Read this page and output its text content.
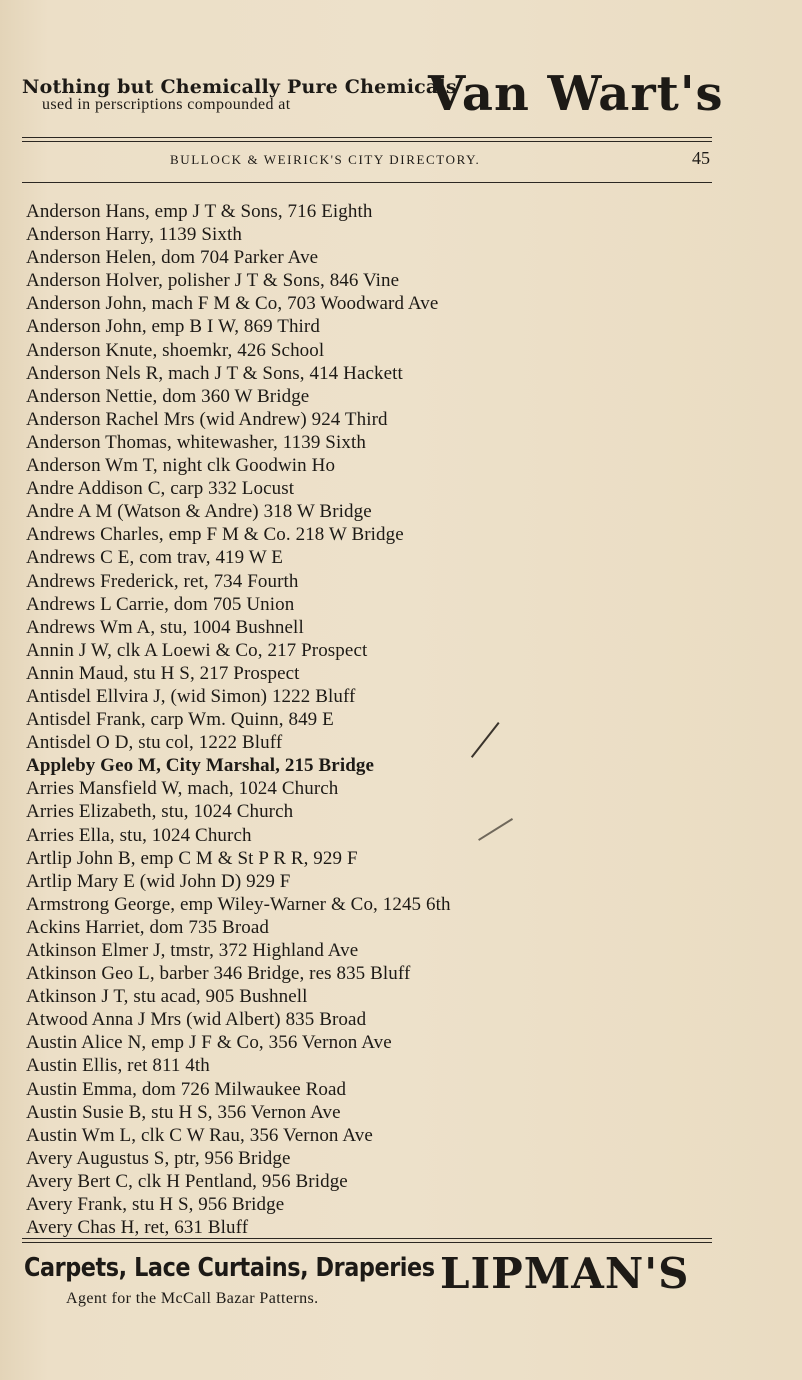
Nothing but Chemically Pure Chemicals
used in perscriptions compounded at	Van Wart's
BULLOCK & WEIRICK'S CITY DIRECTORY.	45
Anderson Hans, emp J T & Sons, 716 Eighth
Anderson Harry, 1139 Sixth
Anderson Helen, dom 704 Parker Ave
Anderson Holver, polisher J T & Sons, 846 Vine
Anderson John, mach F M & Co, 703 Woodward Ave
Anderson John, emp B I W, 869 Third
Anderson Knute, shoemkr, 426 School
Anderson Nels R, mach J T & Sons, 414 Hackett
Anderson Nettie, dom 360 W Bridge
Anderson Rachel Mrs (wid Andrew) 924 Third
Anderson Thomas, whitewasher, 1139 Sixth
Anderson Wm T, night clk Goodwin Ho
Andre Addison C, carp 332 Locust
Andre A M (Watson & Andre) 318 W Bridge
Andrews Charles, emp F M & Co. 218 W Bridge
Andrews C E, com trav, 419 W E
Andrews Frederick, ret, 734 Fourth
Andrews L Carrie, dom 705 Union
Andrews Wm A, stu, 1004 Bushnell
Annin J W, clk A Loewi & Co, 217 Prospect
Annin Maud, stu H S, 217 Prospect
Antisdel Ellvira J, (wid Simon) 1222 Bluff
Antisdel Frank, carp Wm. Quinn, 849 E
Antisdel O D, stu col, 1222 Bluff
Appleby Geo M, City Marshal, 215 Bridge
Arries Mansfield W, mach, 1024 Church
Arries Elizabeth, stu, 1024 Church
Arries Ella, stu, 1024 Church
Artlip John B, emp C M & St P R R, 929 F
Artlip Mary E (wid John D) 929 F
Armstrong George, emp Wiley-Warner & Co, 1245 6th
Ackins Harriet, dom 735 Broad
Atkinson Elmer J, tmstr, 372 Highland Ave
Atkinson Geo L, barber 346 Bridge, res 835 Bluff
Atkinson J T, stu acad, 905 Bushnell
Atwood Anna J Mrs (wid Albert) 835 Broad
Austin Alice N, emp J F & Co, 356 Vernon Ave
Austin Ellis, ret 811 4th
Austin Emma, dom 726 Milwaukee Road
Austin Susie B, stu H S, 356 Vernon Ave
Austin Wm L, clk C W Rau, 356 Vernon Ave
Avery Augustus S, ptr, 956 Bridge
Avery Bert C, clk H Pentland, 956 Bridge
Avery Frank, stu H S, 956 Bridge
Avery Chas H, ret, 631 Bluff
Carpets, Lace Curtains, Draperies
Agent for the McCall Bazar Patterns.
LIPMAN'S
